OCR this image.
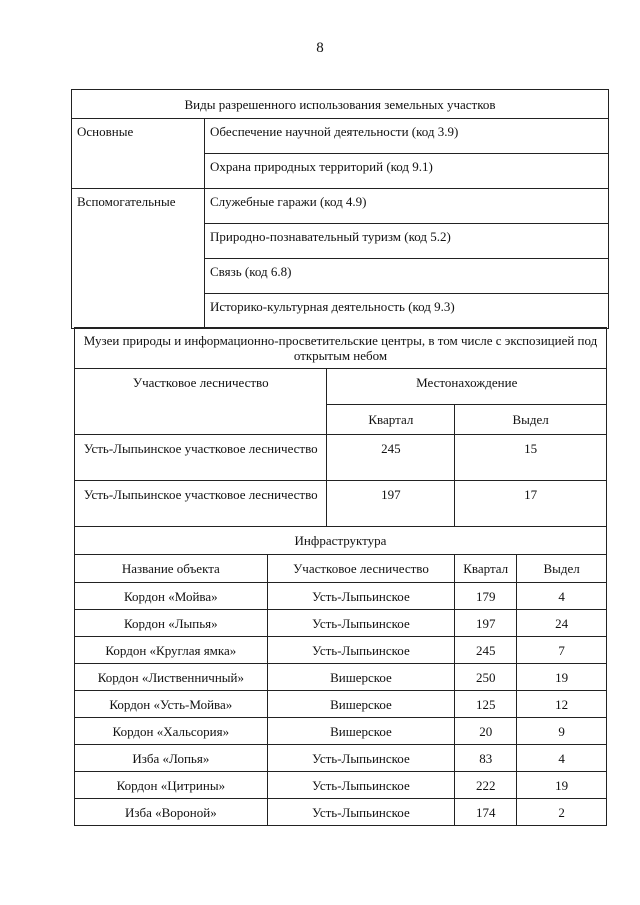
8
Виды разрешенного использования земельных участков	
Основные	Обеспечение научной деятельности (код 3.9)
	Охрана природных территорий (код 9.1)
Вспомогательные	Служебные гаражи (код 4.9)
	Природно-познавательный туризм (код 5.2)
	Связь (код 6.8)
	Историко-культурная деятельность (код 9.3)
Музеи природы и информационно-просветительские центры, в том числе с экспозицией под открытым небом				
Участковое лесничество		Местонахождение		
		Квартал	Выдел	
Усть-Лыпьинское участковое лесничество		245	15	
Усть-Лыпьинское участковое лесничество		197	17	
Инфраструктура				
Название объекта	Участковое лесничество		Квартал	Выдел
Кордон «Мойва»	Усть-Лыпьинское		179	4
Кордон «Лыпья»	Усть-Лыпьинское		197	24
Кордон «Круглая ямка»	Усть-Лыпьинское		245	7
Кордон «Лиственничный»	Вишерское		250	19
Кордон «Усть-Мойва»	Вишерское		125	12
Кордон «Хальсория»	Вишерское		20	9
Изба «Лопья»	Усть-Лыпьинское		83	4
Кордон «Цитрины»	Усть-Лыпьинское		222	19
Изба «Вороной»	Усть-Лыпьинское		174	2
